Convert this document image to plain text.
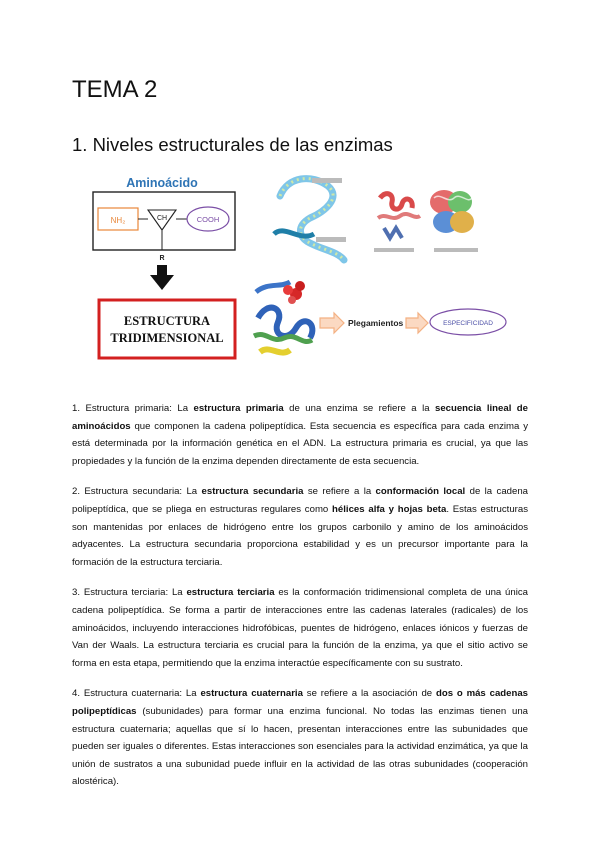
TEMA 2
1. Niveles estructurales de las enzimas
Aminoácido
NH₂	CH	COOH
R
ESTRUCTURA
TRIDIMENSIONAL
Plegamientos	ESPECIFICIDAD

1. Estructura primaria: La estructura primaria de una enzima se refiere a la secuencia lineal de aminoácidos que componen la cadena polipeptídica. Esta secuencia es específica para cada enzima y está determinada por la información genética en el ADN. La estructura primaria es crucial, ya que las propiedades y la función de la enzima dependen directamente de esta secuencia.

2. Estructura secundaria: La estructura secundaria se refiere a la conformación local de la cadena polipeptídica, que se pliega en estructuras regulares como hélices alfa y hojas beta. Estas estructuras son mantenidas por enlaces de hidrógeno entre los grupos carbonilo y amino de los aminoácidos adyacentes. La estructura secundaria proporciona estabilidad y es un precursor importante para la formación de la estructura terciaria.

3. Estructura terciaria: La estructura terciaria es la conformación tridimensional completa de una única cadena polipeptídica. Se forma a partir de interacciones entre las cadenas laterales (radicales) de los aminoácidos, incluyendo interacciones hidrofóbicas, puentes de hidrógeno, enlaces iónicos y fuerzas de Van der Waals. La estructura terciaria es crucial para la función de la enzima, ya que el sitio activo se forma en esta etapa, permitiendo que la enzima interactúe específicamente con su sustrato.

4. Estructura cuaternaria: La estructura cuaternaria se refiere a la asociación de dos o más cadenas polipeptídicas (subunidades) para formar una enzima funcional. No todas las enzimas tienen una estructura cuaternaria; aquellas que sí lo hacen, presentan interacciones entre las subunidades que pueden ser iguales o diferentes. Estas interacciones son esenciales para la actividad enzimática, ya que la unión de sustratos a una subunidad puede influir en la actividad de las otras subunidades (cooperación alostérica).
